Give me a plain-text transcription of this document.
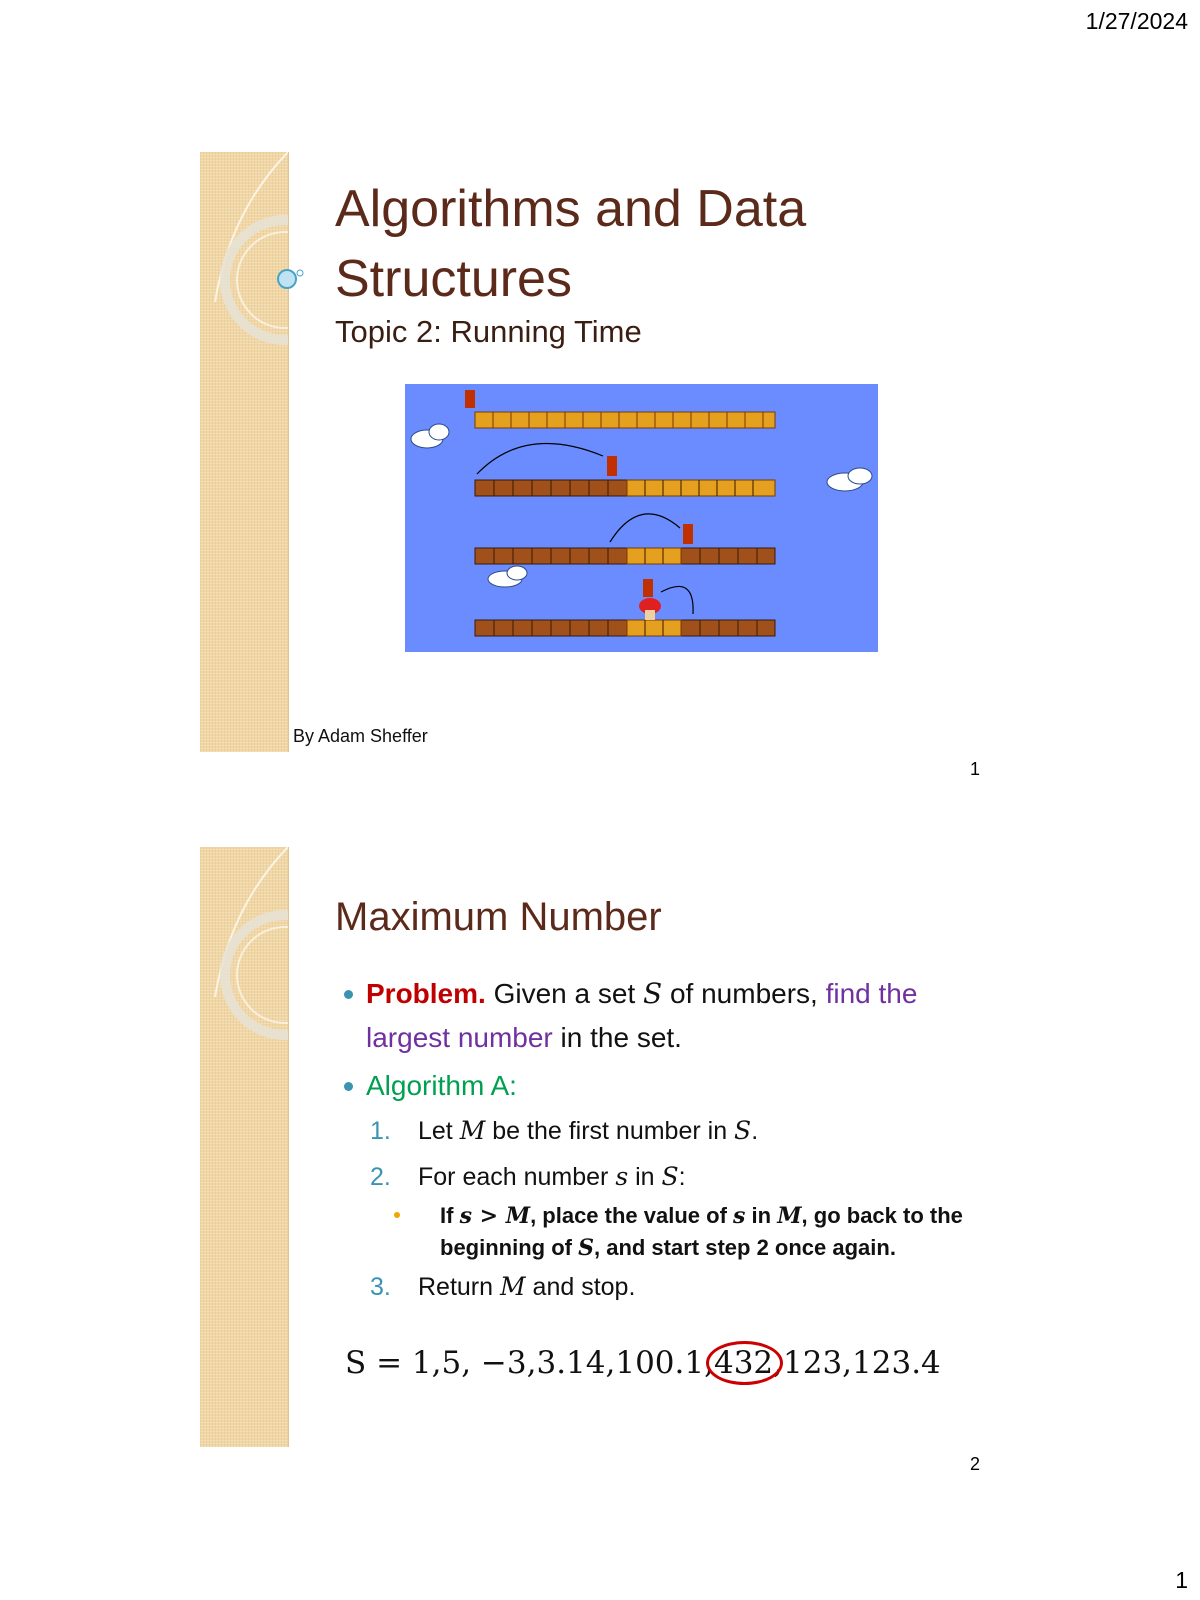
1/27/2024
Algorithms and Data
Structures
Topic 2: Running Time
By Adam Sheffer
1
Maximum Number
Problem. Given a set S of numbers, find the largest number in the set.
Algorithm A:
1. Let M be the first number in S.
2. For each number s in S:
If s > M, place the value of s in M, go back to the beginning of S, and start step 2 once again.
3. Return M and stop.
S = 1,5, −3,3.14,100.1,432,123,123.4
2
1
